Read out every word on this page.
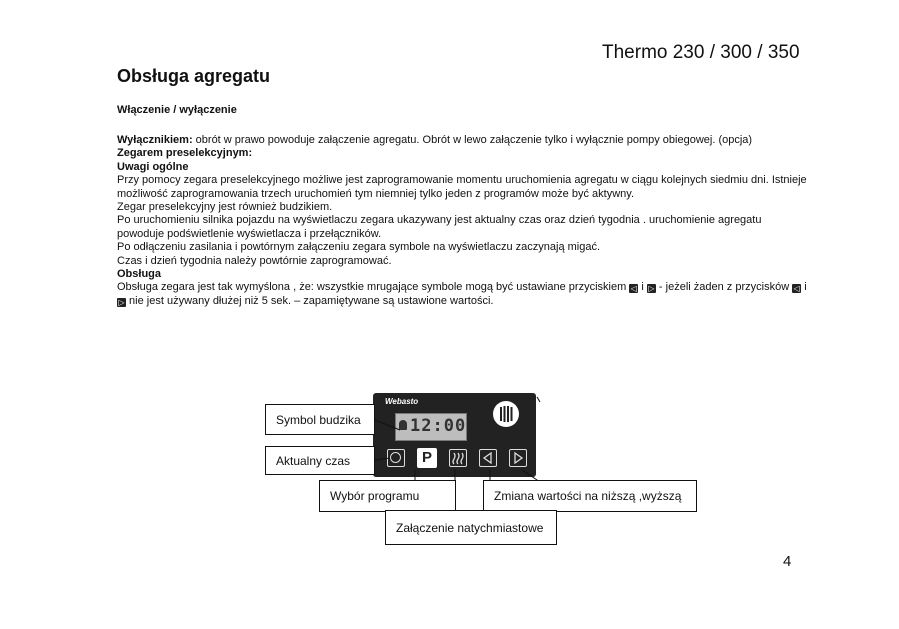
Thermo 230 / 300 / 350
Obsługa agregatu
Włączenie / wyłączenie

Wyłącznikiem: obrót w prawo powoduje załączenie agregatu. Obrót w lewo załączenie tylko i wyłącznie pompy obiegowej. (opcja)

Zegarem preselekcyjnym:

Uwagi ogólne

Przy pomocy zegara preselekcyjnego możliwe jest zaprogramowanie momentu uruchomienia agregatu w ciągu kolejnych siedmiu dni. Istnieje możliwość zaprogramowania trzech uruchomień tym niemniej tylko jeden z programów może być aktywny.

Zegar preselekcyjny jest również budzikiem.

Po uruchomieniu silnika pojazdu na wyświetlaczu zegara ukazywany jest aktualny czas oraz dzień tygodnia . uruchomienie agregatu powoduje podświetlenie wyświetlacza i przełączników.

Po odłączeniu zasilania i powtórnym załączeniu zegara symbole na wyświetlaczu zaczynają migać.

Czas i dzień tygodnia należy powtórnie zaprogramować.

Obsługa

Obsługa zegara jest tak wymyślona , że: wszystkie mrugające symbole mogą być ustawiane przyciskiem ◁ i ▷ - jeżeli żaden z przycisków ◁ i ▷ nie jest używany dłużej niż 5 sek. – zapamiętywane są ustawione wartości.

Webasto
12:00
P
Symbol budzika
Aktualny czas
Wybór programu	Zmiana wartości na niższą ,wyższą
Załączenie natychmiastowe
4
